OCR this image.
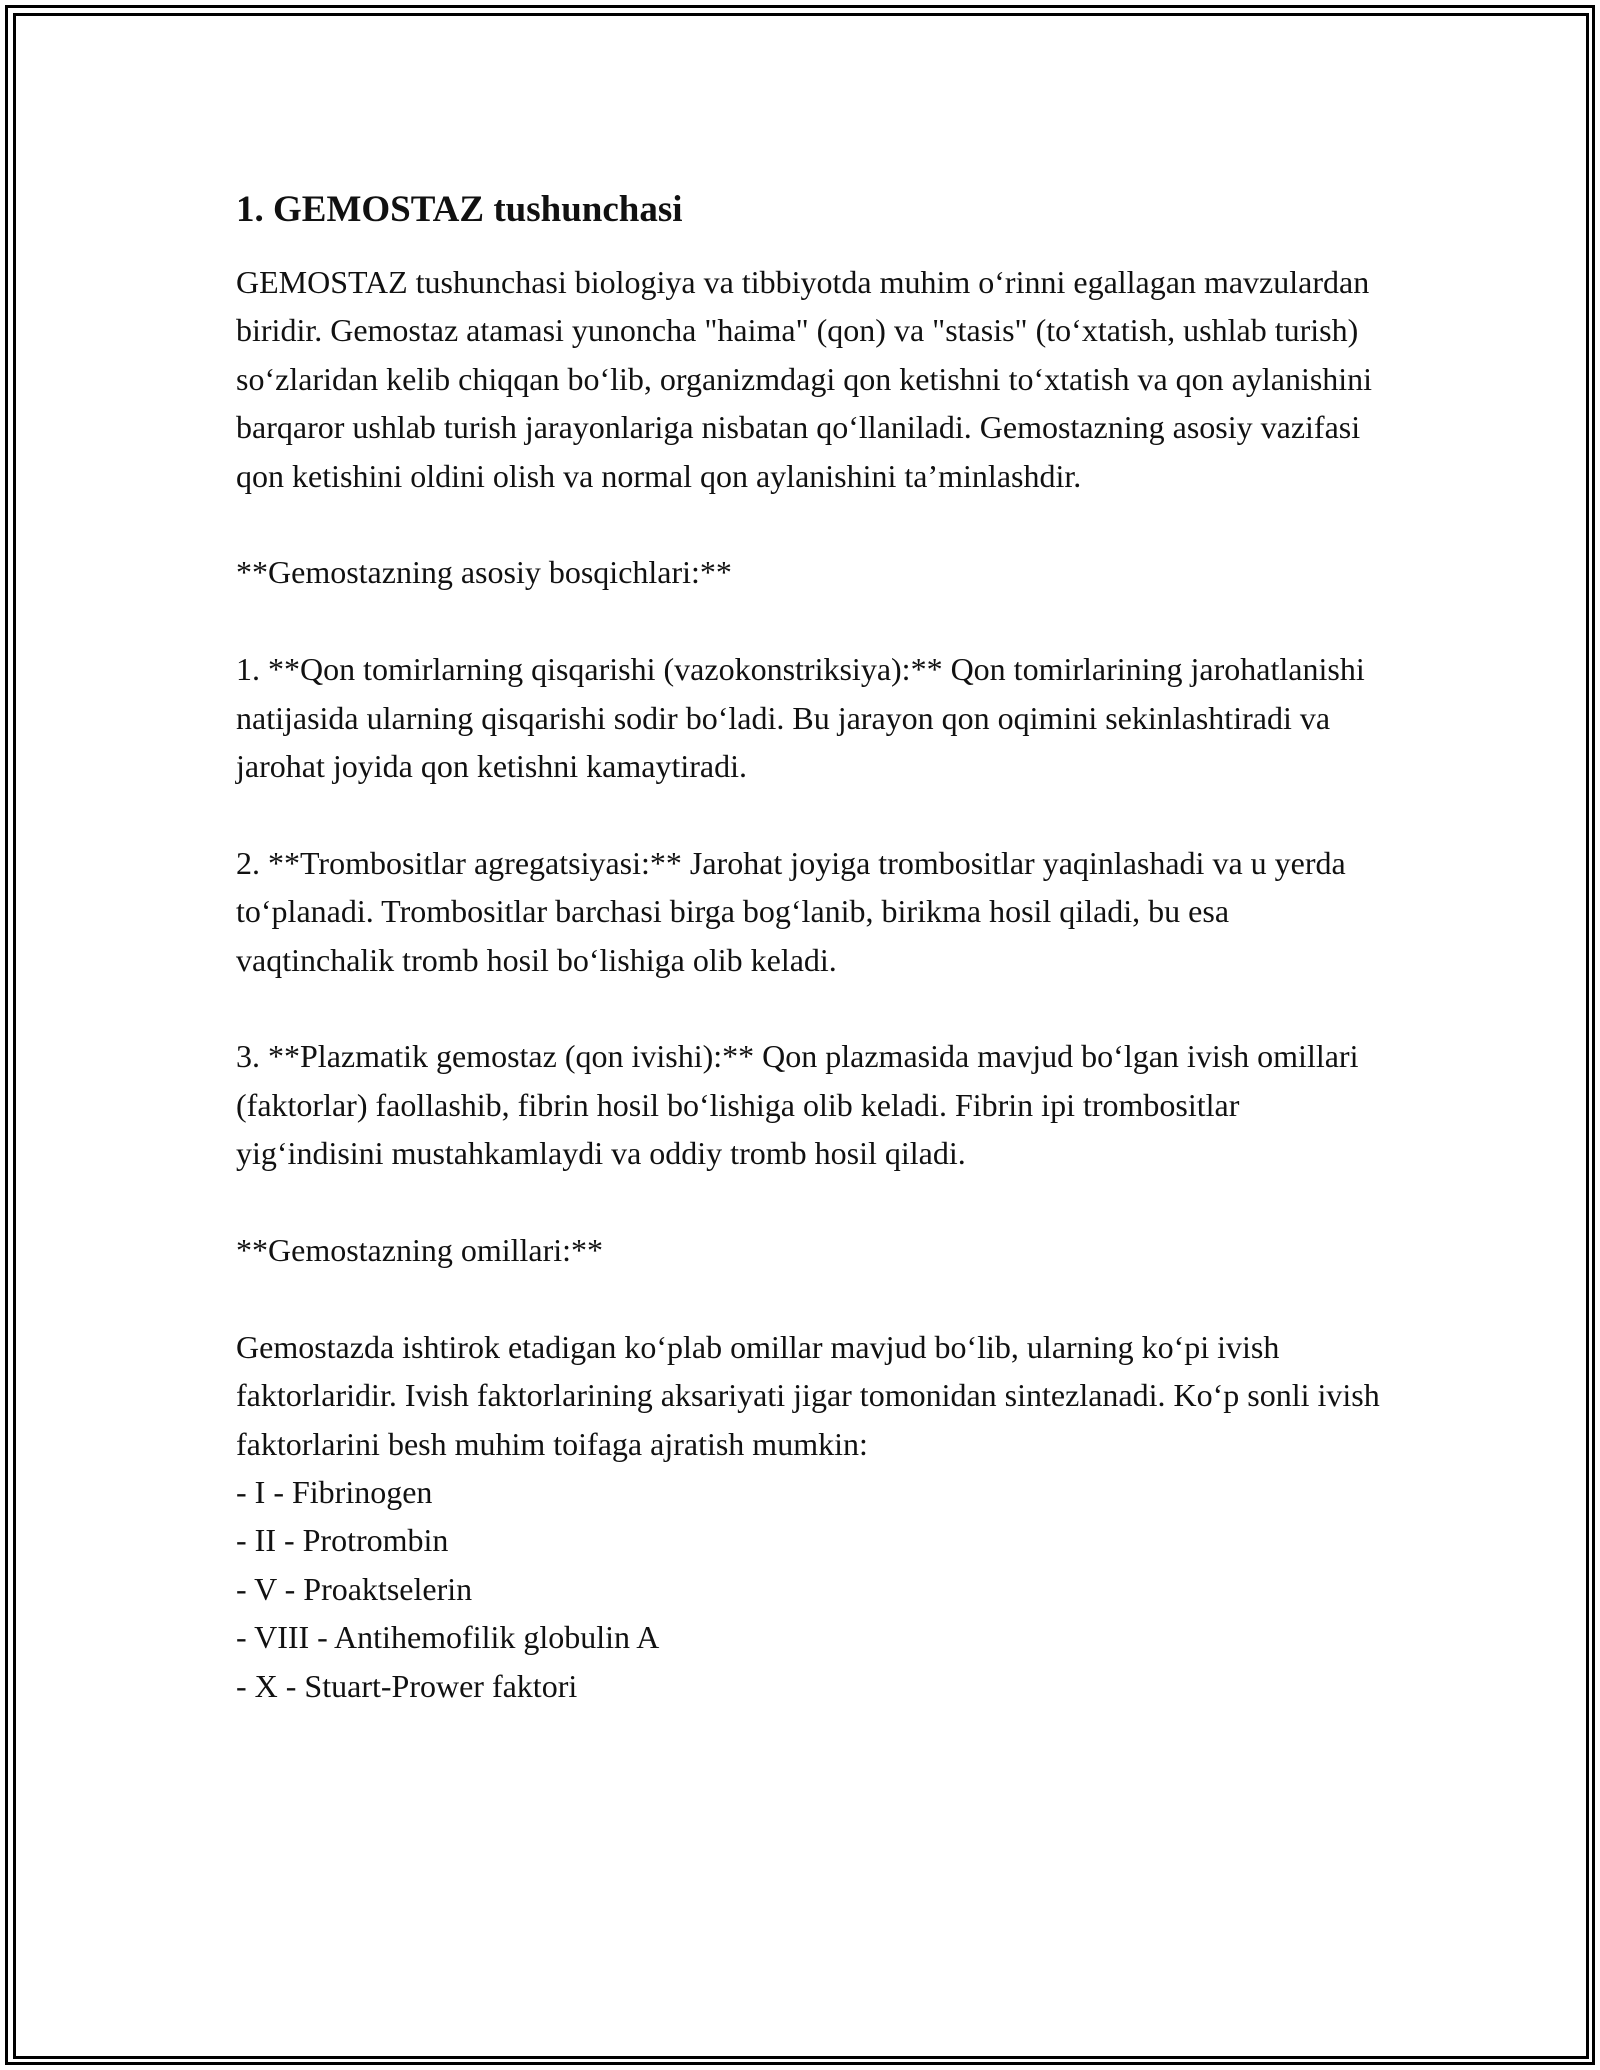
1. GEMOSTAZ tushunchasi

GEMOSTAZ tushunchasi biologiya va tibbiyotda muhim o‘rinni egallagan mavzulardan biridir. Gemostaz atamasi yunoncha "haima" (qon) va "stasis" (to‘xtatish, ushlab turish) so‘zlaridan kelib chiqqan bo‘lib, organizmdagi qon ketishni to‘xtatish va qon aylanishini barqaror ushlab turish jarayonlariga nisbatan qo‘llaniladi. Gemostazning asosiy vazifasi qon ketishini oldini olish va normal qon aylanishini ta’minlashdir.

**Gemostazning asosiy bosqichlari:**

1. **Qon tomirlarning qisqarishi (vazokonstriksiya):** Qon tomirlarining jarohatlanishi natijasida ularning qisqarishi sodir bo‘ladi. Bu jarayon qon oqimini sekinlashtiradi va jarohat joyida qon ketishni kamaytiradi.

2. **Trombositlar agregatsiyasi:** Jarohat joyiga trombositlar yaqinlashadi va u yerda to‘planadi. Trombositlar barchasi birga bog‘lanib, birikma hosil qiladi, bu esa vaqtinchalik tromb hosil bo‘lishiga olib keladi.

3. **Plazmatik gemostaz (qon ivishi):** Qon plazmasida mavjud bo‘lgan ivish omillari (faktorlar) faollashib, fibrin hosil bo‘lishiga olib keladi. Fibrin ipi trombositlar yig‘indisini mustahkamlaydi va oddiy tromb hosil qiladi.

**Gemostazning omillari:**

Gemostazda ishtirok etadigan ko‘plab omillar mavjud bo‘lib, ularning ko‘pi ivish faktorlaridir. Ivish faktorlarining aksariyati jigar tomonidan sintezlanadi. Ko‘p sonli ivish faktorlarini besh muhim toifaga ajratish mumkin:

- I - Fibrinogen
- II - Protrombin
- V - Proaktselerin
- VIII - Antihemofilik globulin A
- X - Stuart-Prower faktori
